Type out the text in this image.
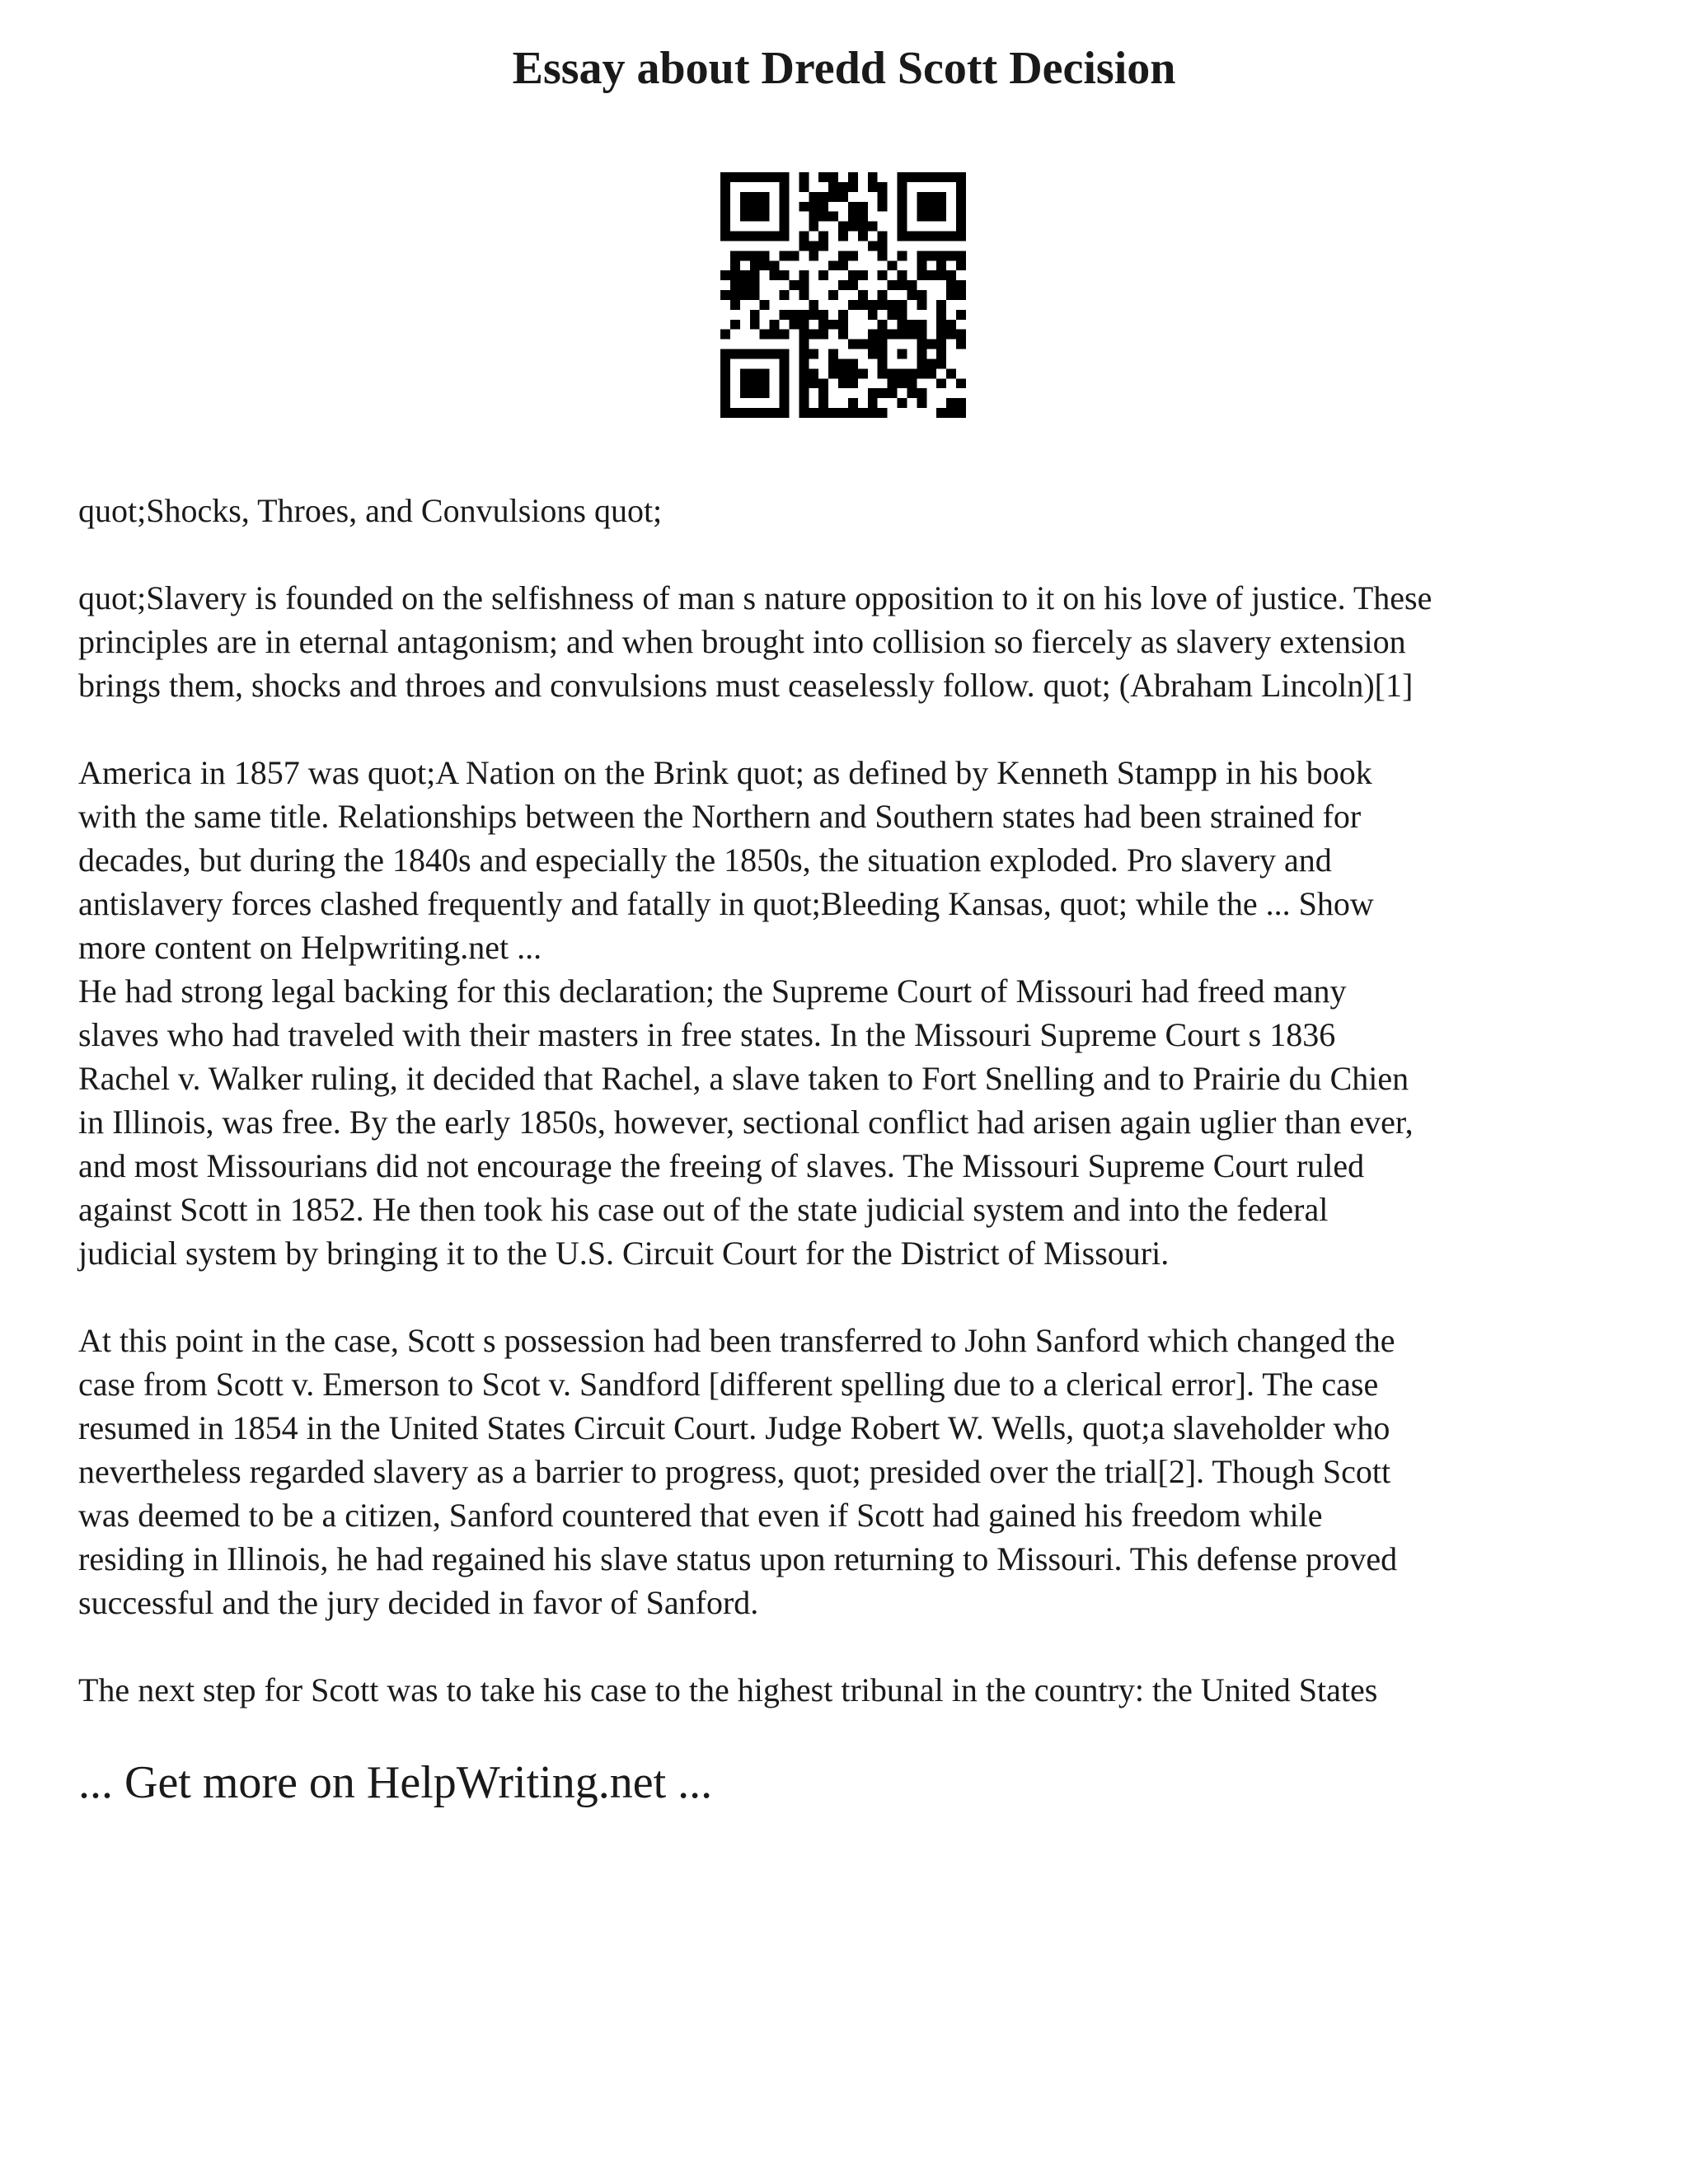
Essay about Dredd Scott Decision

quot;Shocks, Throes, and Convulsions quot;

quot;Slavery is founded on the selfishness of man s nature opposition to it on his love of justice. These
principles are in eternal antagonism; and when brought into collision so fiercely as slavery extension
brings them, shocks and throes and convulsions must ceaselessly follow. quot; (Abraham Lincoln)[1]

America in 1857 was quot;A Nation on the Brink quot; as defined by Kenneth Stampp in his book
with the same title. Relationships between the Northern and Southern states had been strained for
decades, but during the 1840s and especially the 1850s, the situation exploded. Pro slavery and
antislavery forces clashed frequently and fatally in quot;Bleeding Kansas, quot; while the ... Show
more content on Helpwriting.net ...

He had strong legal backing for this declaration; the Supreme Court of Missouri had freed many
slaves who had traveled with their masters in free states. In the Missouri Supreme Court s 1836
Rachel v. Walker ruling, it decided that Rachel, a slave taken to Fort Snelling and to Prairie du Chien
in Illinois, was free. By the early 1850s, however, sectional conflict had arisen again uglier than ever,
and most Missourians did not encourage the freeing of slaves. The Missouri Supreme Court ruled
against Scott in 1852. He then took his case out of the state judicial system and into the federal
judicial system by bringing it to the U.S. Circuit Court for the District of Missouri.

At this point in the case, Scott s possession had been transferred to John Sanford which changed the
case from Scott v. Emerson to Scot v. Sandford [different spelling due to a clerical error]. The case
resumed in 1854 in the United States Circuit Court. Judge Robert W. Wells, quot;a slaveholder who
nevertheless regarded slavery as a barrier to progress, quot; presided over the trial[2]. Though Scott
was deemed to be a citizen, Sanford countered that even if Scott had gained his freedom while
residing in Illinois, he had regained his slave status upon returning to Missouri. This defense proved
successful and the jury decided in favor of Sanford.

The next step for Scott was to take his case to the highest tribunal in the country: the United States

... Get more on HelpWriting.net ...
